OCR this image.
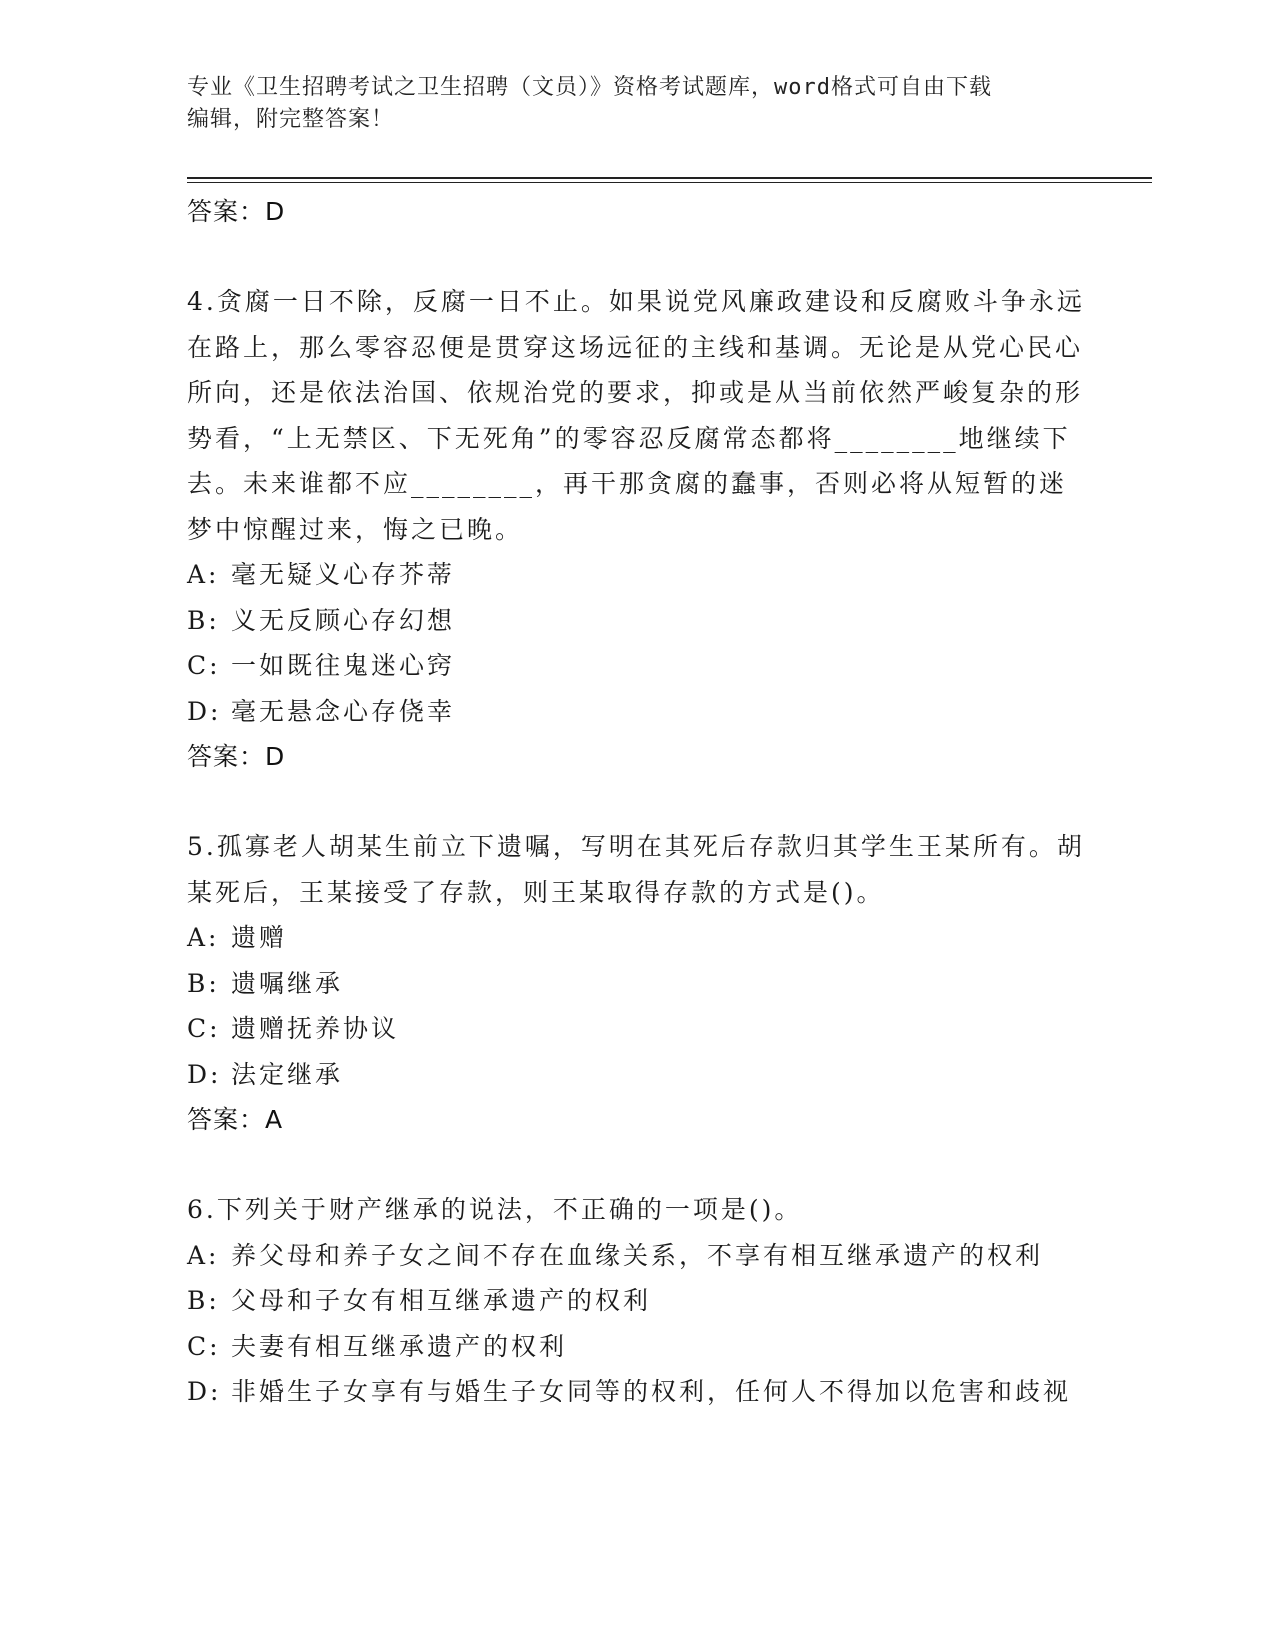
专业《卫生招聘考试之卫生招聘（文员）》资格考试题库，word格式可自由下载
编辑，附完整答案！
答案：D
4.贪腐一日不除，反腐一日不止。如果说党风廉政建设和反腐败斗争永远在路上，那么零容忍便是贯穿这场远征的主线和基调。无论是从党心民心所向，还是依法治国、依规治党的要求，抑或是从当前依然严峻复杂的形势看，“上无禁区、下无死角”的零容忍反腐常态都将________地继续下去。未来谁都不应________，再干那贪腐的蠢事，否则必将从短暂的迷梦中惊醒过来，悔之已晚。
A: 毫无疑义心存芥蒂
B: 义无反顾心存幻想
C: 一如既往鬼迷心窍
D: 毫无悬念心存侥幸
答案：D
5.孤寡老人胡某生前立下遗嘱，写明在其死后存款归其学生王某所有。胡某死后，王某接受了存款，则王某取得存款的方式是()。
A: 遗赠
B: 遗嘱继承
C: 遗赠抚养协议
D: 法定继承
答案：A
6.下列关于财产继承的说法，不正确的一项是()。
A: 养父母和养子女之间不存在血缘关系，不享有相互继承遗产的权利
B: 父母和子女有相互继承遗产的权利
C: 夫妻有相互继承遗产的权利
D: 非婚生子女享有与婚生子女同等的权利，任何人不得加以危害和歧视
